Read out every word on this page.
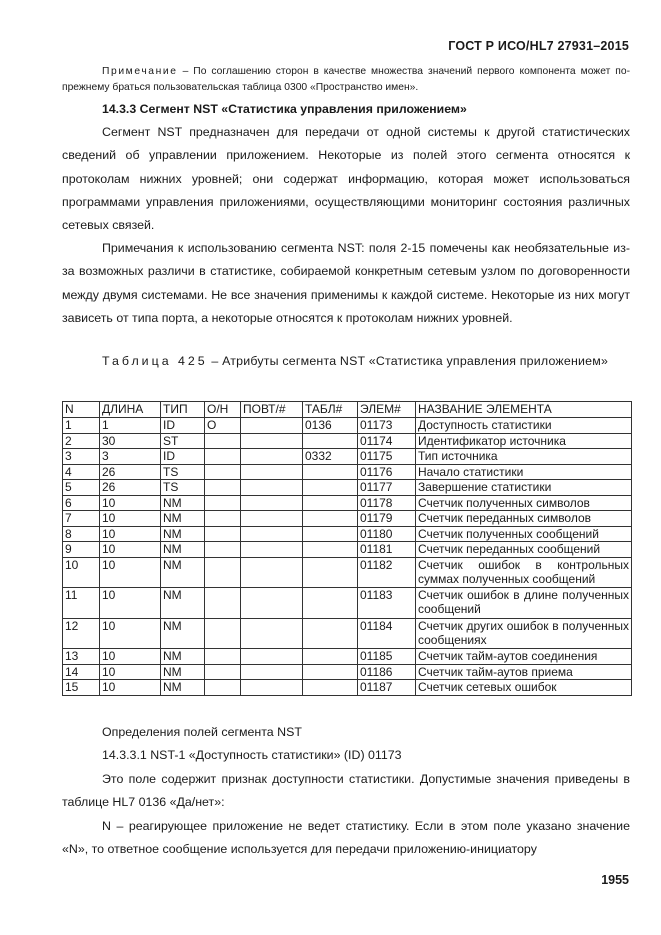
ГОСТ Р ИСО/HL7 27931–2015
Примечание – По соглашению сторон в качестве множества значений первого компонента может по-прежнему браться пользовательская таблица 0300 «Пространство имен».
14.3.3 Сегмент NST «Статистика управления приложением»
Сегмент NST предназначен для передачи от одной системы к другой статистических сведений об управлении приложением. Некоторые из полей этого сегмента относятся к протоколам нижних уровней; они содержат информацию, которая может использоваться программами управления приложениями, осуществляющими мониторинг состояния различных сетевых связей.
Примечания к использованию сегмента NST: поля 2-15 помечены как необязательные из-за возможных различи в статистике, собираемой конкретным сетевым узлом по договоренности между двумя системами. Не все значения применимы к каждой системе. Некоторые из них могут зависеть от типа порта, а некоторые относятся к протоколам нижних уровней.
Таблица 425 – Атрибуты сегмента NST «Статистика управления приложением»
N	ДЛИНА	ТИП	О/Н	ПОВТ/#	ТАБЛ#	ЭЛЕМ#	НАЗВАНИЕ ЭЛЕМЕНТА
1	1	ID	O		0136	01173	Доступность статистики
2	30	ST				01174	Идентификатор источника
3	3	ID			0332	01175	Тип источника
4	26	TS				01176	Начало статистики
5	26	TS				01177	Завершение статистики
6	10	NM				01178	Счетчик полученных символов
7	10	NM				01179	Счетчик переданных символов
8	10	NM				01180	Счетчик полученных сообщений
9	10	NM				01181	Счетчик переданных сообщений
10	10	NM				01182	Счетчик ошибок в контрольных суммах полученных сообщений
11	10	NM				01183	Счетчик ошибок в длине полученных сообщений
12	10	NM				01184	Счетчик других ошибок в полученных сообщениях
13	10	NM				01185	Счетчик тайм-аутов соединения
14	10	NM				01186	Счетчик тайм-аутов приема
15	10	NM				01187	Счетчик сетевых ошибок
Определения полей сегмента NST
14.3.3.1 NST-1 «Доступность статистики» (ID) 01173
Это поле содержит признак доступности статистики. Допустимые значения приведены в таблице HL7 0136 «Да/нет»:
N – реагирующее приложение не ведет статистику. Если в этом поле указано значение «N», то ответное сообщение используется для передачи приложению-инициатору
1955
